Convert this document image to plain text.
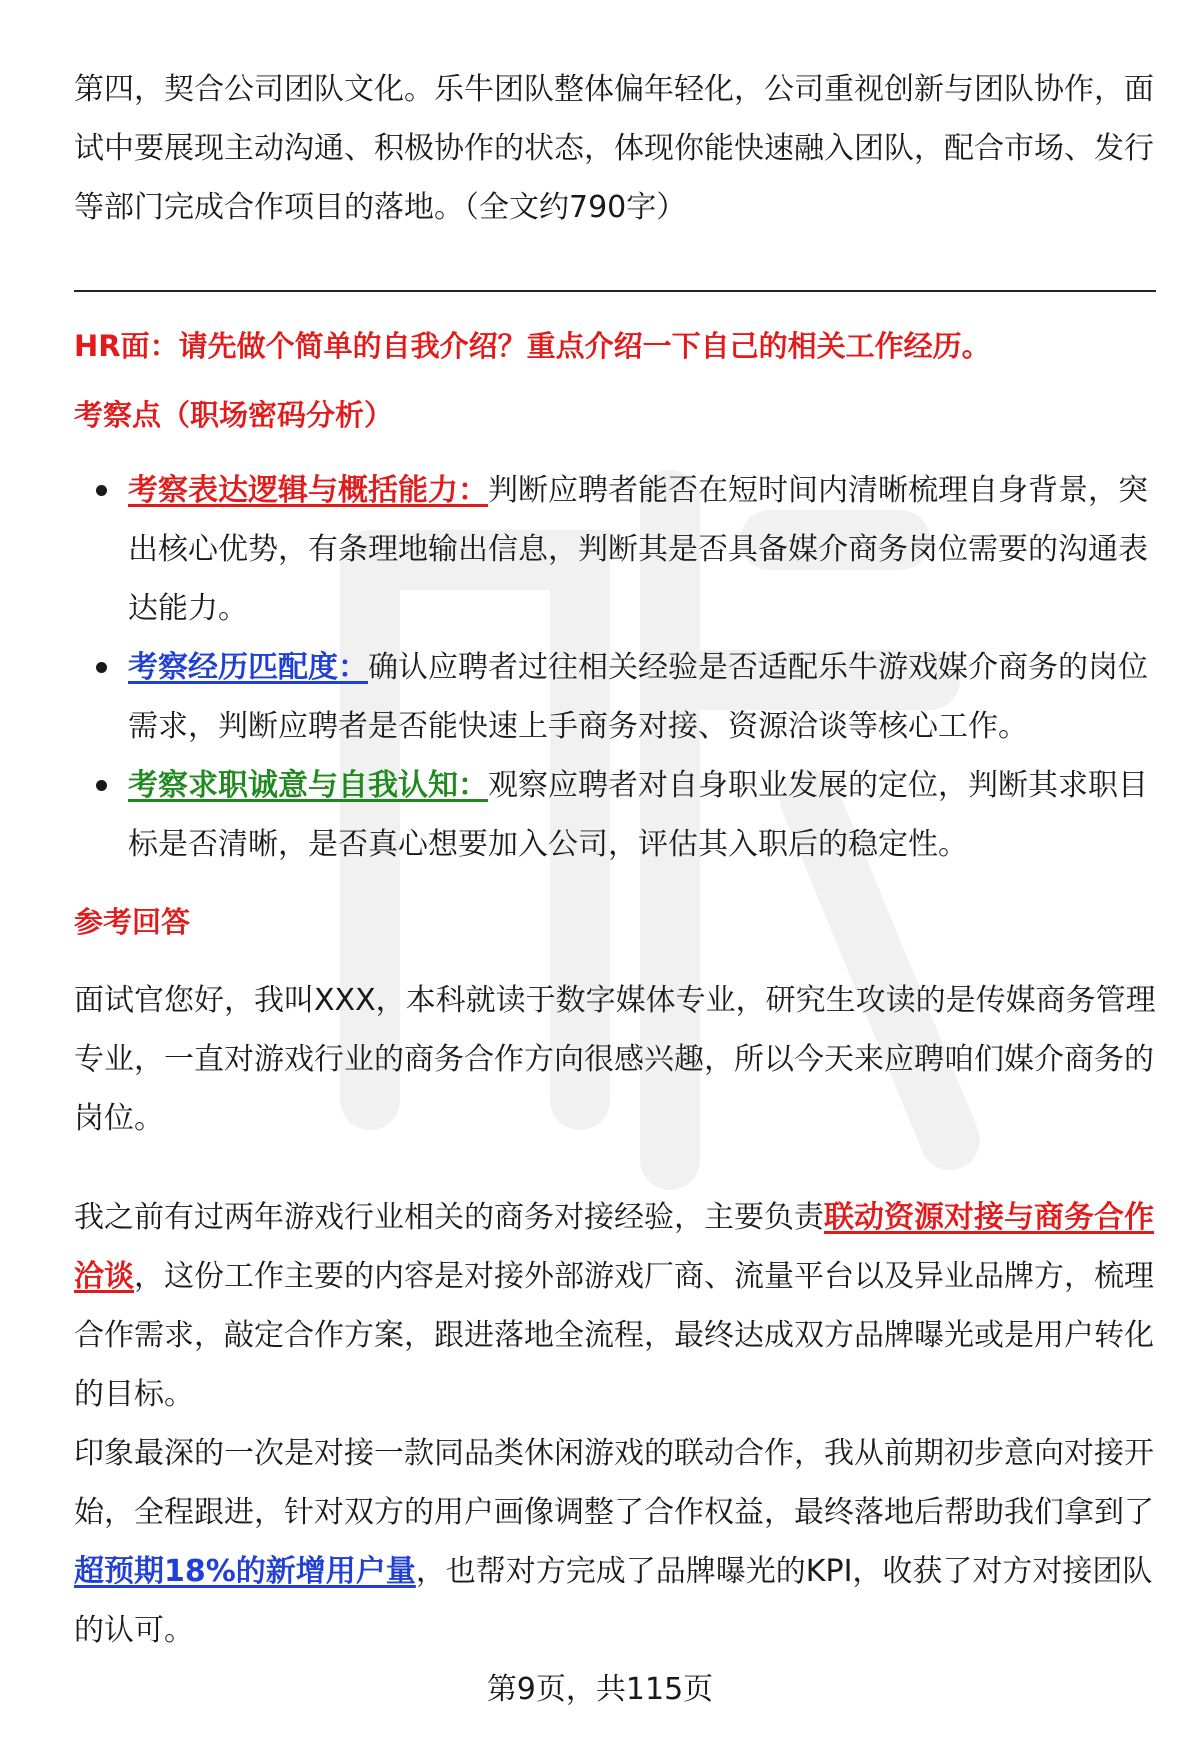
第四，契合公司团队文化。乐牛团队整体偏年轻化，公司重视创新与团队协作，面试中要展现主动沟通、积极协作的状态，体现你能快速融入团队，配合市场、发行等部门完成合作项目的落地。（全文约790字）

HR面：请先做个简单的自我介绍？重点介绍一下自己的相关工作经历。

考察点（职场密码分析）

考察表达逻辑与概括能力：判断应聘者能否在短时间内清晰梳理自身背景，突出核心优势，有条理地输出信息，判断其是否具备媒介商务岗位需要的沟通表达能力。
考察经历匹配度：确认应聘者过往相关经验是否适配乐牛游戏媒介商务的岗位需求，判断应聘者是否能快速上手商务对接、资源洽谈等核心工作。
考察求职诚意与自我认知：观察应聘者对自身职业发展的定位，判断其求职目标是否清晰，是否真心想要加入公司，评估其入职后的稳定性。

参考回答

面试官您好，我叫XXX，本科就读于数字媒体专业，研究生攻读的是传媒商务管理专业，一直对游戏行业的商务合作方向很感兴趣，所以今天来应聘咱们媒介商务的岗位。

我之前有过两年游戏行业相关的商务对接经验，主要负责联动资源对接与商务合作洽谈，这份工作主要的内容是对接外部游戏厂商、流量平台以及异业品牌方，梳理合作需求，敲定合作方案，跟进落地全流程，最终达成双方品牌曝光或是用户转化的目标。

印象最深的一次是对接一款同品类休闲游戏的联动合作，我从前期初步意向对接开始，全程跟进，针对双方的用户画像调整了合作权益，最终落地后帮助我们拿到了超预期18%的新增用户量，也帮对方完成了品牌曝光的KPI，收获了对方对接团队的认可。

第9页，共115页
